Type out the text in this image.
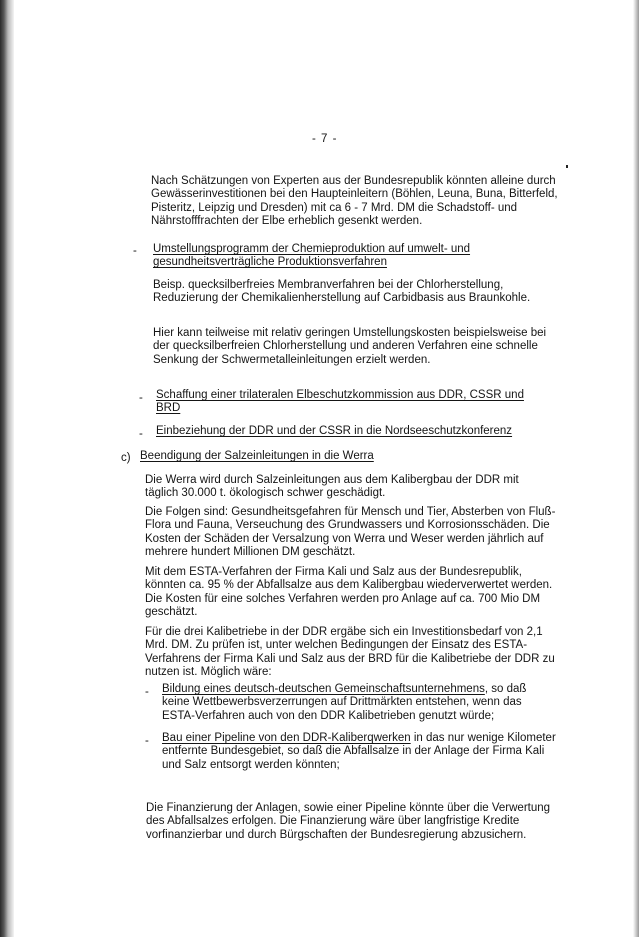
- 7 -

Nach Schätzungen von Experten aus der Bundesrepublik könnten alleine durch Gewässerinvestitionen bei den Haupteinleitern (Böhlen, Leuna, Buna, Bitterfeld, Pisteritz, Leipzig und Dresden) mit ca 6 - 7 Mrd. DM die Schadstoff- und Nährstofffrachten der Elbe erheblich gesenkt werden.

- Umstellungsprogramm der Chemieproduktion auf umwelt- und gesundheitsverträgliche Produktionsverfahren

Beisp. quecksilberfreies Membranverfahren bei der Chlorherstellung, Reduzierung der Chemikalienherstellung auf Carbidbasis aus Braunkohle.

Hier kann teilweise mit relativ geringen Umstellungskosten beispielsweise bei der quecksilberfreien Chlorherstellung und anderen Verfahren eine schnelle Senkung der Schwermetalleinleitungen erzielt werden.

- Schaffung einer trilateralen Elbeschutzkommission aus DDR, CSSR und BRD

- Einbeziehung der DDR und der CSSR in die Nordseeschutzkonferenz

c) Beendigung der Salzeinleitungen in die Werra

Die Werra wird durch Salzeinleitungen aus dem Kalibergbau der DDR mit täglich 30.000 t. ökologisch schwer geschädigt.

Die Folgen sind: Gesundheitsgefahren für Mensch und Tier, Absterben von Fluß-Flora und Fauna, Verseuchung des Grundwassers und Korrosionsschäden. Die Kosten der Schäden der Versalzung von Werra und Weser werden jährlich auf mehrere hundert Millionen DM geschätzt.

Mit dem ESTA-Verfahren der Firma Kali und Salz aus der Bundesrepublik, könnten ca. 95 % der Abfallsalze aus dem Kalibergbau wiederverwertet werden. Die Kosten für eine solches Verfahren werden pro Anlage auf ca. 700 Mio DM geschätzt.

Für die drei Kalibetriebe in der DDR ergäbe sich ein Investitionsbedarf von 2,1 Mrd. DM. Zu prüfen ist, unter welchen Bedingungen der Einsatz des ESTA-Verfahrens der Firma Kali und Salz aus der BRD für die Kalibetriebe der DDR zu nutzen ist. Möglich wäre:

- Bildung eines deutsch-deutschen Gemeinschaftsunternehmens, so daß keine Wettbewerbsverzerrungen auf Drittmärkten entstehen, wenn das ESTA-Verfahren auch von den DDR Kalibetrieben genutzt würde;

- Bau einer Pipeline von den DDR-Kaliberqwerken in das nur wenige Kilometer entfernte Bundesgebiet, so daß die Abfallsalze in der Anlage der Firma Kali und Salz entsorgt werden könnten;

Die Finanzierung der Anlagen, sowie einer Pipeline könnte über die Verwertung des Abfallsalzes erfolgen. Die Finanzierung wäre über langfristige Kredite vorfinanzierbar und durch Bürgschaften der Bundesregierung abzusichern.
